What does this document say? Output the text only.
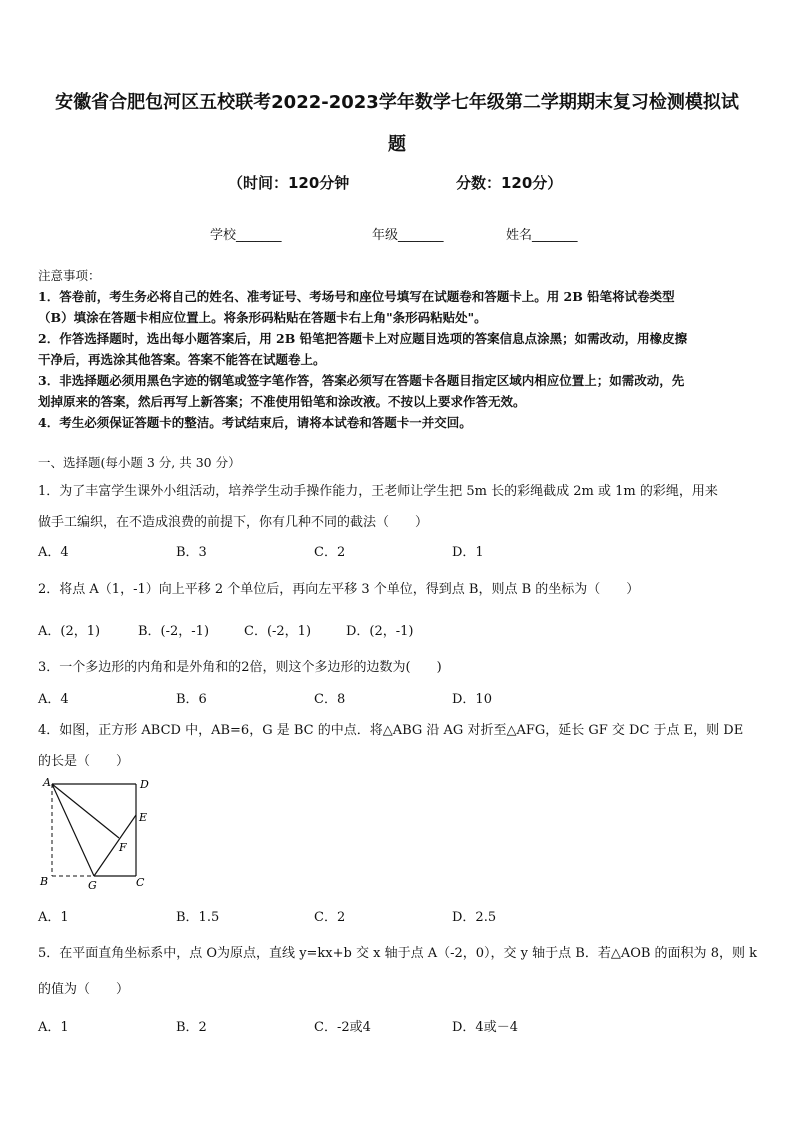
安徽省合肥包河区五校联考2022-2023学年数学七年级第二学期期末复习检测模拟试
题
（时间：120分钟	分数：120分）
学校_______	年级_______	姓名_______
注意事项：
1．答卷前，考生务必将自己的姓名、准考证号、考场号和座位号填写在试题卷和答题卡上。用 2B 铅笔将试卷类型
（B）填涂在答题卡相应位置上。将条形码粘贴在答题卡右上角"条形码粘贴处"。
2．作答选择题时，选出每小题答案后，用 2B 铅笔把答题卡上对应题目选项的答案信息点涂黑；如需改动，用橡皮擦
干净后，再选涂其他答案。答案不能答在试题卷上。
3．非选择题必须用黑色字迹的钢笔或签字笔作答，答案必须写在答题卡各题目指定区域内相应位置上；如需改动，先
划掉原来的答案，然后再写上新答案；不准使用铅笔和涂改液。不按以上要求作答无效。
4．考生必须保证答题卡的整洁。考试结束后，请将本试卷和答题卡一并交回。
一、选择题(每小题 3 分, 共 30 分）
1．为了丰富学生课外小组活动，培养学生动手操作能力，王老师让学生把 5m 长的彩绳截成 2m 或 1m 的彩绳，用来
做手工编织，在不造成浪费的前提下，你有几种不同的截法（　　）
A．4	B．3	C．2	D．1
2．将点 A（1，-1）向上平移 2 个单位后，再向左平移 3 个单位，得到点 B，则点 B 的坐标为（　　）
A．(2，1)	B．(-2，-1)	C．(-2，1)	D．(2，-1)
3．一个多边形的内角和是外角和的2倍，则这个多边形的边数为(　　)
A．4	B．6	C．8	D．10
4．如图，正方形 ABCD 中，AB=6，G 是 BC 的中点．将△ABG 沿 AG 对折至△AFG，延长 GF 交 DC 于点 E，则 DE
的长是（　　）
A	D
E
F
B	G	C
A．1	B．1.5	C．2	D．2.5
5．在平面直角坐标系中，点 O为原点，直线 y=kx+b 交 x 轴于点 A（-2，0），交 y 轴于点 B．若△AOB 的面积为 8，则 k
的值为（　　）
A．1	B．2	C．-2或4	D．4或－4
